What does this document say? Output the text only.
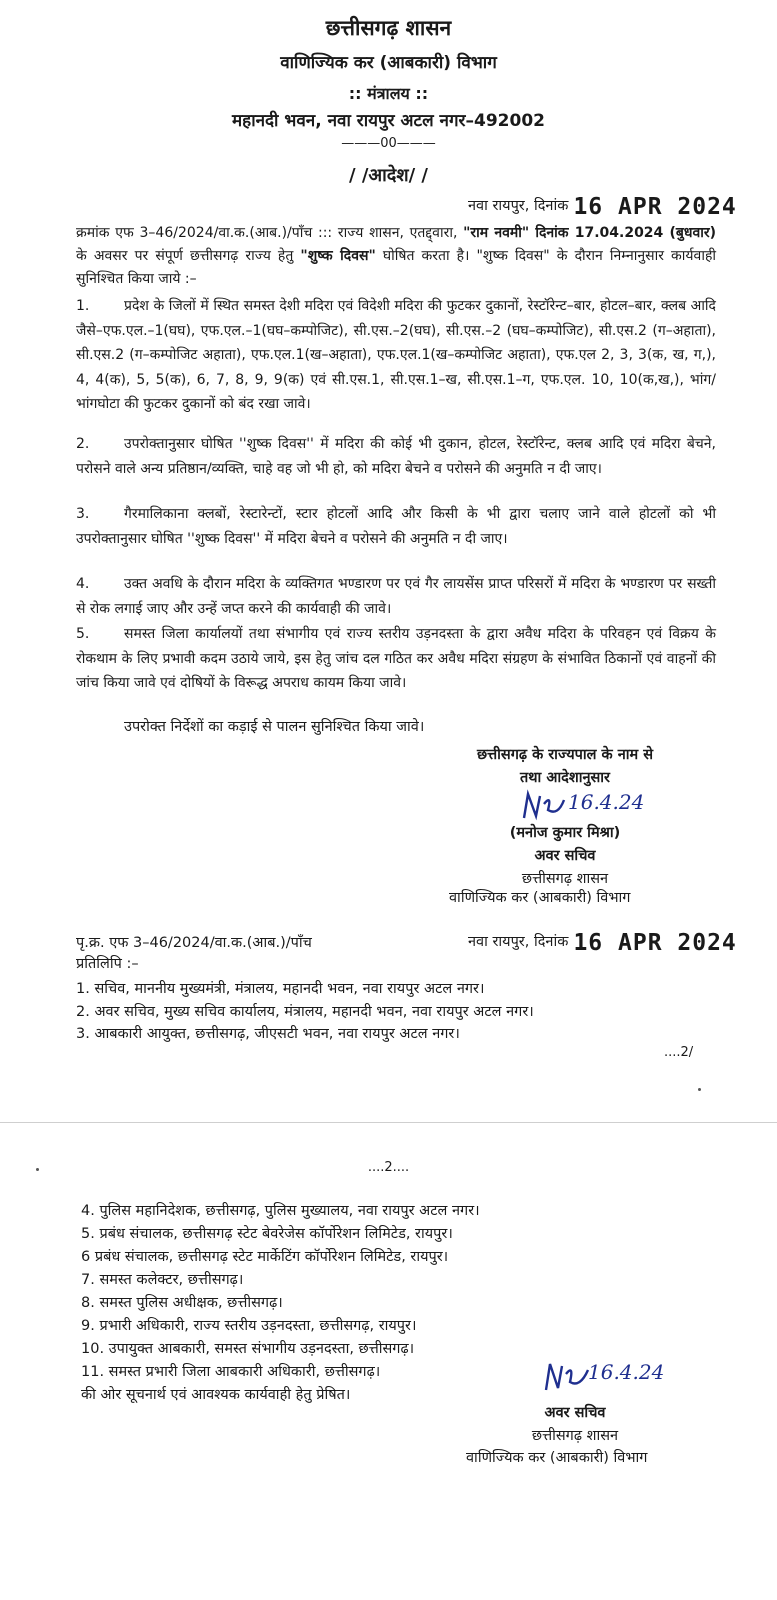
छत्तीसगढ़ शासन
वाणिज्यिक कर (आबकारी) विभाग
:: मंत्रालय ::
महानदी भवन, नवा रायपुर अटल नगर–492002
———00———
/ /आदेश/ /
नवा रायपुर, दिनांक 16 APR 2024

क्रमांक एफ 3–46/2024/वा.क.(आब.)/पाँच ::: राज्य शासन, एतद्द्वारा, "राम नवमी" दिनांक 17.04.2024 (बुधवार) के अवसर पर संपूर्ण छत्तीसगढ़ राज्य हेतु "शुष्क दिवस" घोषित करता है। "शुष्क दिवस" के दौरान निम्नानुसार कार्यवाही सुनिश्चित किया जाये :–

1. प्रदेश के जिलों में स्थित समस्त देशी मदिरा एवं विदेशी मदिरा की फुटकर दुकानों, रेस्टॉरेन्ट–बार, होटल–बार, क्लब आदि जैसे–एफ.एल.–1(घघ), एफ.एल.–1(घघ–कम्पोजिट), सी.एस.–2(घघ), सी.एस.–2 (घघ–कम्पोजिट), सी.एस.2 (ग–अहाता), सी.एस.2 (ग–कम्पोजिट अहाता), एफ.एल.1(ख–अहाता), एफ.एल.1(ख–कम्पोजिट अहाता), एफ.एल 2, 3, 3(क, ख, ग,), 4, 4(क), 5, 5(क), 6, 7, 8, 9, 9(क) एवं सी.एस.1, सी.एस.1–ख, सी.एस.1–ग, एफ.एल. 10, 10(क,ख,), भांग/भांगघोटा की फुटकर दुकानों को बंद रखा जावे।

2. उपरोक्तानुसार घोषित ''शुष्क दिवस'' में मदिरा की कोई भी दुकान, होटल, रेस्टॉरेन्ट, क्लब आदि एवं मदिरा बेचने, परोसने वाले अन्य प्रतिष्ठान/व्यक्ति, चाहे वह जो भी हो, को मदिरा बेचने व परोसने की अनुमति न दी जाए।

3. गैरमालिकाना क्लबों, रेस्टारेन्टों, स्टार होटलों आदि और किसी के भी द्वारा चलाए जाने वाले होटलों को भी उपरोक्तानुसार घोषित ''शुष्क दिवस'' में मदिरा बेचने व परोसने की अनुमति न दी जाए।

4. उक्त अवधि के दौरान मदिरा के व्यक्तिगत भण्डारण पर एवं गैर लायसेंस प्राप्त परिसरों में मदिरा के भण्डारण पर सख्ती से रोक लगाई जाए और उन्हें जप्त करने की कार्यवाही की जावे।

5. समस्त जिला कार्यालयों तथा संभागीय एवं राज्य स्तरीय उड़नदस्ता के द्वारा अवैध मदिरा के परिवहन एवं विक्रय के रोकथाम के लिए प्रभावी कदम उठाये जाये, इस हेतु जांच दल गठित कर अवैध मदिरा संग्रहण के संभावित ठिकानों एवं वाहनों की जांच किया जावे एवं दोषियों के विरूद्ध अपराध कायम किया जावे।

उपरोक्त निर्देशों का कड़ाई से पालन सुनिश्चित किया जावे।
छत्तीसगढ़ के राज्यपाल के नाम से
तथा आदेशानुसार
16.4.24
(मनोज कुमार मिश्रा)
अवर सचिव
छत्तीसगढ़ शासन
वाणिज्यिक कर (आबकारी) विभाग
पृ.क्र. एफ 3–46/2024/वा.क.(आब.)/पाँच	नवा रायपुर, दिनांक 16 APR 2024
प्रतिलिपि :–
1. सचिव, माननीय मुख्यमंत्री, मंत्रालय, महानदी भवन, नवा रायपुर अटल नगर।
2. अवर सचिव, मुख्य सचिव कार्यालय, मंत्रालय, महानदी भवन, नवा रायपुर अटल नगर।
3. आबकारी आयुक्त, छत्तीसगढ़, जीएसटी भवन, नवा रायपुर अटल नगर।
....2/
....2....
4. पुलिस महानिदेशक, छत्तीसगढ़, पुलिस मुख्यालय, नवा रायपुर अटल नगर।
5. प्रबंध संचालक, छत्तीसगढ़ स्टेट बेवरेजेस कॉर्पोरेशन लिमिटेड, रायपुर।
6 प्रबंध संचालक, छत्तीसगढ़ स्टेट मार्केटिंग कॉर्पोरेशन लिमिटेड, रायपुर।
7. समस्त कलेक्टर, छत्तीसगढ़।
8. समस्त पुलिस अधीक्षक, छत्तीसगढ़।
9. प्रभारी अधिकारी, राज्य स्तरीय उड़नदस्ता, छत्तीसगढ़, रायपुर।
10. उपायुक्त आबकारी, समस्त संभागीय उड़नदस्ता, छत्तीसगढ़।
11. समस्त प्रभारी जिला आबकारी अधिकारी, छत्तीसगढ़।
की ओर सूचनार्थ एवं आवश्यक कार्यवाही हेतु प्रेषित।
16.4.24
अवर सचिव
छत्तीसगढ़ शासन
वाणिज्यिक कर (आबकारी) विभाग
